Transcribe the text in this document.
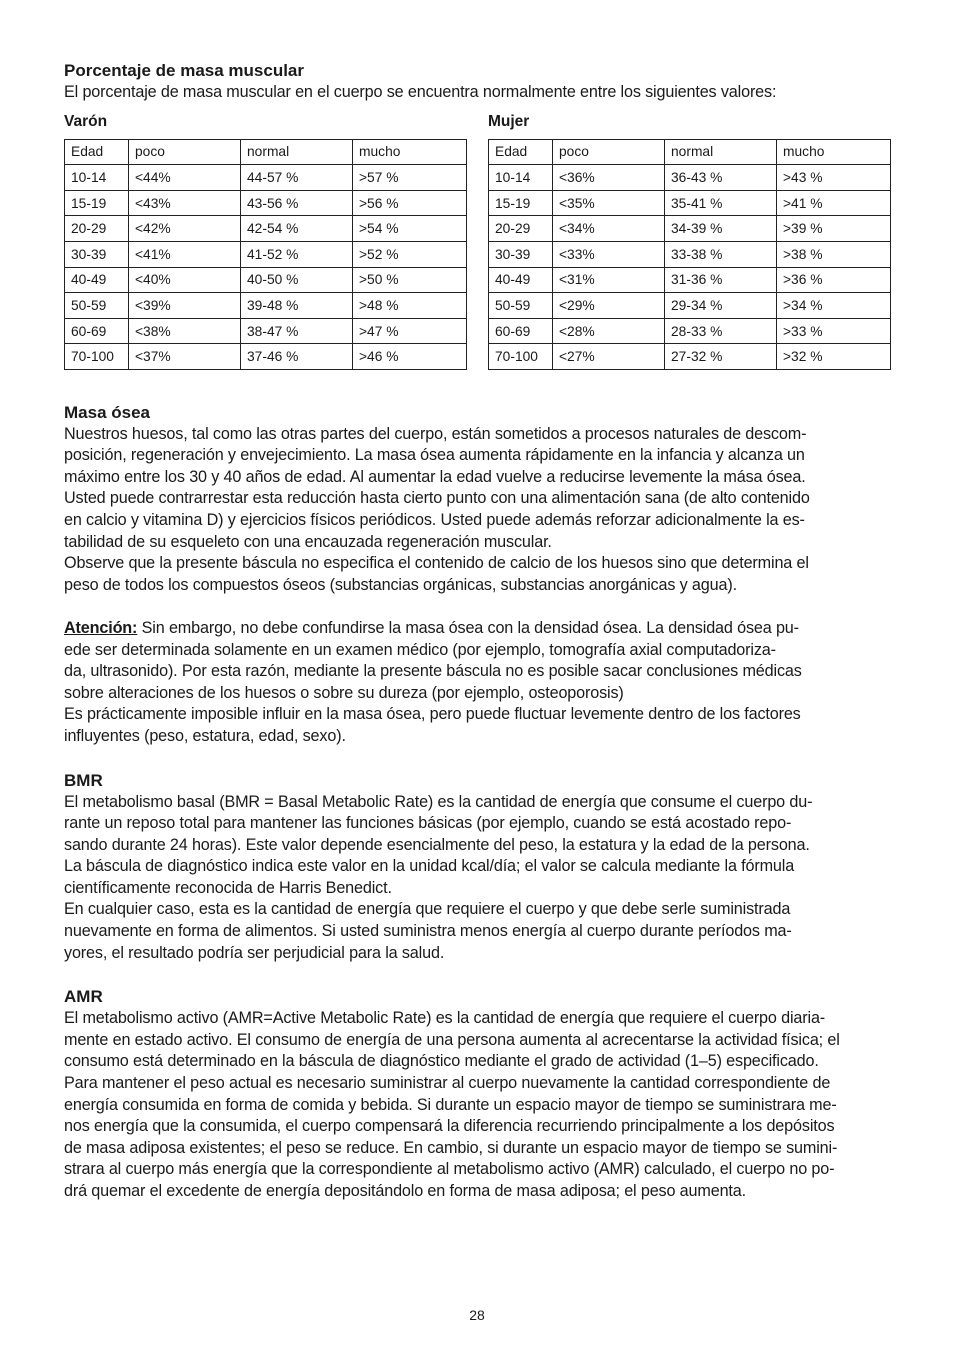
Porcentaje de masa muscular

El porcentaje de masa muscular en el cuerpo se encuentra normalmente entre los siguientes valores:

Varón
Edad	poco	normal	mucho
10-14	<44%	44-57 %	>57 %
15-19	<43%	43-56 %	>56 %
20-29	<42%	42-54 %	>54 %
30-39	<41%	41-52 %	>52 %
40-49	<40%	40-50 %	>50 %
50-59	<39%	39-48 %	>48 %
60-69	<38%	38-47 %	>47 %
70-100	<37%	37-46 %	>46 %
Mujer
Edad	poco	normal	mucho
10-14	<36%	36-43 %	>43 %
15-19	<35%	35-41 %	>41 %
20-29	<34%	34-39 %	>39 %
30-39	<33%	33-38 %	>38 %
40-49	<31%	31-36 %	>36 %
50-59	<29%	29-34 %	>34 %
60-69	<28%	28-33 %	>33 %
70-100	<27%	27-32 %	>32 %
Masa ósea

Nuestros huesos, tal como las otras partes del cuerpo, están sometidos a procesos naturales de descom-
posición, regeneración y envejecimiento. La masa ósea aumenta rápidamente en la infancia y alcanza un
máximo entre los 30 y 40 años de edad. Al aumentar la edad vuelve a reducirse levemente la mása ósea.
Usted puede contrarrestar esta reducción hasta cierto punto con una alimentación sana (de alto contenido
en calcio y vitamina D) y ejercicios físicos periódicos. Usted puede además reforzar adicionalmente la es-
tabilidad de su esqueleto con una encauzada regeneración muscular.

Observe que la presente báscula no especifica el contenido de calcio de los huesos sino que determina el
peso de todos los compuestos óseos (substancias orgánicas, substancias anorgánicas y agua).

Atención: Sin embargo, no debe confundirse la masa ósea con la densidad ósea. La densidad ósea pu-
ede ser determinada solamente en un examen médico (por ejemplo, tomografía axial computadoriza-
da, ultrasonido). Por esta razón, mediante la presente báscula no es posible sacar conclusiones médicas
sobre alteraciones de los huesos o sobre su dureza (por ejemplo, osteoporosis)

Es prácticamente imposible influir en la masa ósea, pero puede fluctuar levemente dentro de los factores
influyentes (peso, estatura, edad, sexo).

BMR

El metabolismo basal (BMR = Basal Metabolic Rate) es la cantidad de energía que consume el cuerpo du-
rante un reposo total para mantener las funciones básicas (por ejemplo, cuando se está acostado repo-
sando durante 24 horas). Este valor depende esencialmente del peso, la estatura y la edad de la persona.
La báscula de diagnóstico indica este valor en la unidad kcal/día; el valor se calcula mediante la fórmula
científicamente reconocida de Harris Benedict.

En cualquier caso, esta es la cantidad de energía que requiere el cuerpo y que debe serle suministrada
nuevamente en forma de alimentos. Si usted suministra menos energía al cuerpo durante períodos ma-
yores, el resultado podría ser perjudicial para la salud.

AMR

El metabolismo activo (AMR=Active Metabolic Rate) es la cantidad de energía que requiere el cuerpo diaria-
mente en estado activo. El consumo de energía de una persona aumenta al acrecentarse la actividad física; el
consumo está determinado en la báscula de diagnóstico mediante el grado de actividad (1–5) especificado.
Para mantener el peso actual es necesario suministrar al cuerpo nuevamente la cantidad correspondiente de
energía consumida en forma de comida y bebida. Si durante un espacio mayor de tiempo se suministrara me-
nos energía que la consumida, el cuerpo compensará la diferencia recurriendo principalmente a los depósitos
de masa adiposa existentes; el peso se reduce. En cambio, si durante un espacio mayor de tiempo se sumini-
strara al cuerpo más energía que la correspondiente al metabolismo activo (AMR) calculado, el cuerpo no po-
drá quemar el excedente de energía depositándolo en forma de masa adiposa; el peso aumenta.

28
